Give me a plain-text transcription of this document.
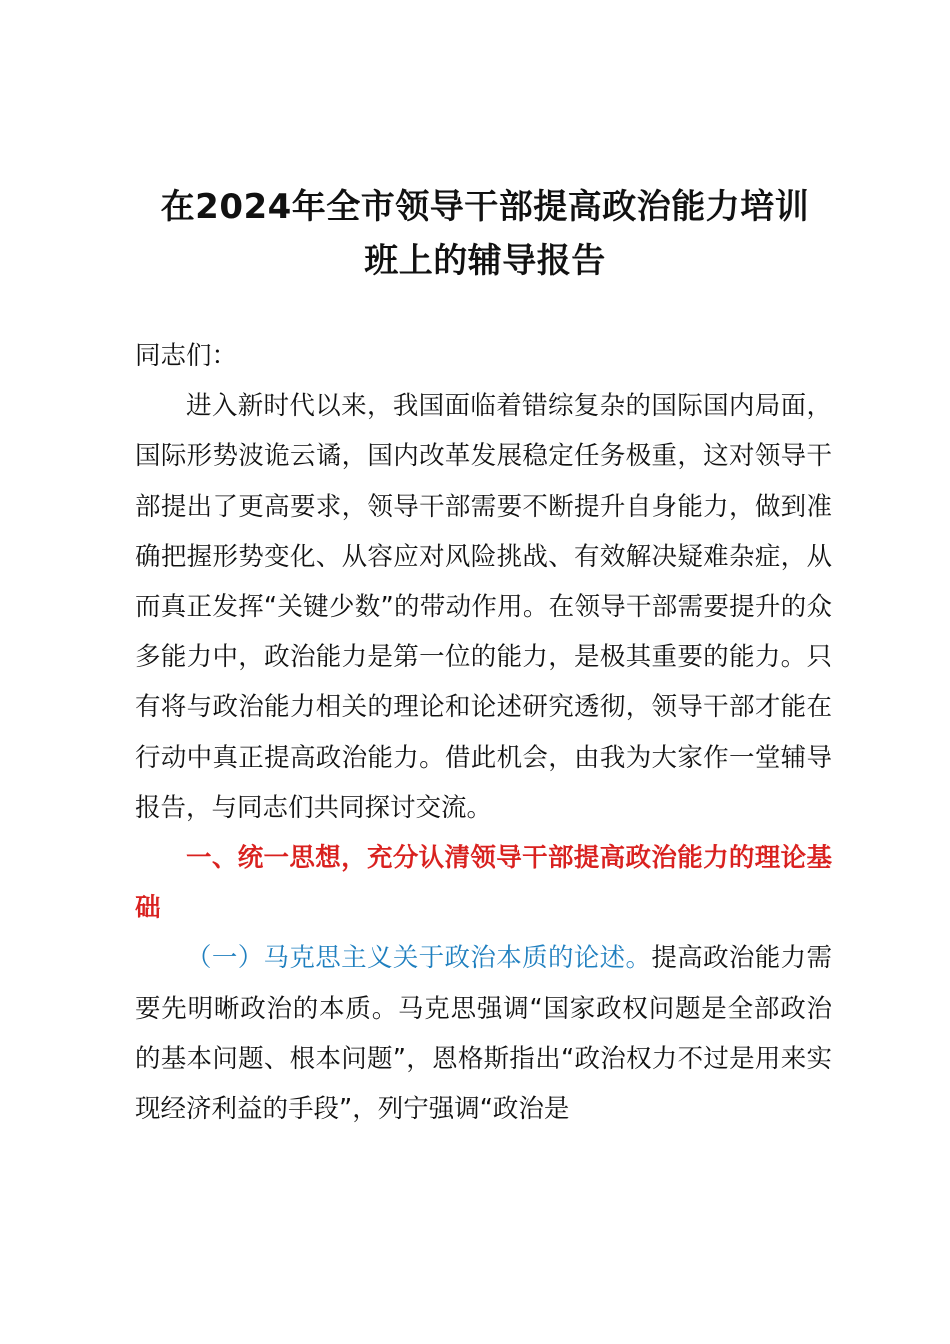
在2024年全市领导干部提高政治能力培训
班上的辅导报告

同志们：

进入新时代以来，我国面临着错综复杂的国际国内局面，国际形势波诡云谲，国内改革发展稳定任务极重，这对领导干部提出了更高要求，领导干部需要不断提升自身能力，做到准确把握形势变化、从容应对风险挑战、有效解决疑难杂症，从而真正发挥“关键少数”的带动作用。在领导干部需要提升的众多能力中，政治能力是第一位的能力，是极其重要的能力。只有将与政治能力相关的理论和论述研究透彻，领导干部才能在行动中真正提高政治能力。借此机会，由我为大家作一堂辅导报告，与同志们共同探讨交流。

一、统一思想，充分认清领导干部提高政治能力的理论基础

（一）马克思主义关于政治本质的论述。提高政治能力需要先明晰政治的本质。马克思强调“国家政权问题是全部政治的基本问题、根本问题”，恩格斯指出“政治权力不过是用来实现经济利益的手段”，列宁强调“政治是
